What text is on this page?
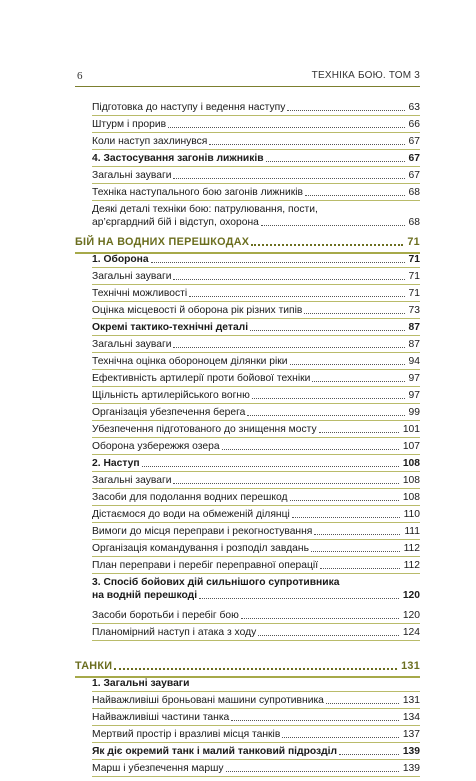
6	ТЕХНІКА БОЮ. ТОМ 3
Підготовка до наступу і ведення наступу	63
Штурм і прорив	66
Коли наступ захлинувся	67
4. Застосування загонів лижників	67
Загальні зауваги	67
Техніка наступального бою загонів лижників	68
Деякі деталі техніки бою: патрулювання, пости,
ар’єргардний бій і відступ, охорона	68
БІЙ НА ВОДНИХ ПЕРЕШКОДАХ	71
1. Оборона	71
Загальні зауваги	71
Технічні можливості	71
Оцінка місцевості й оборона рік різних типів	73
Окремі тактико-технічні деталі	87
Загальні зауваги	87
Технічна оцінка обороноцем ділянки ріки	94
Ефективність артилерії проти бойової техніки	97
Щільність артилерійського вогню	97
Організація убезпечення берега	99
Убезпечення підготованого до знищення мосту	101
Оборона узбережжя озера	107
2. Наступ	108
Загальні зауваги	108
Засоби для подолання водних перешкод	108
Дістаємося до води на обмеженій ділянці	110
Вимоги до місця переправи і рекогностування	111
Організація командування і розподіл завдань	112
План переправи і перебіг переправної операції	112
3. Спосіб бойових дій сильнішого супротивника
на водній перешкоді	120
Засоби боротьби і перебіг бою	120
Планомірний наступ і атака з ходу	124
ТАНКИ	131
1. Загальні зауваги
Найважливіші броньовані машини супротивника	131
Найважливіші частини танка	134
Мертвий простір і вразливі місця танків	137
Як діє окремий танк і малий танковий підрозділ	139
Марш і убезпечення маршу	139
